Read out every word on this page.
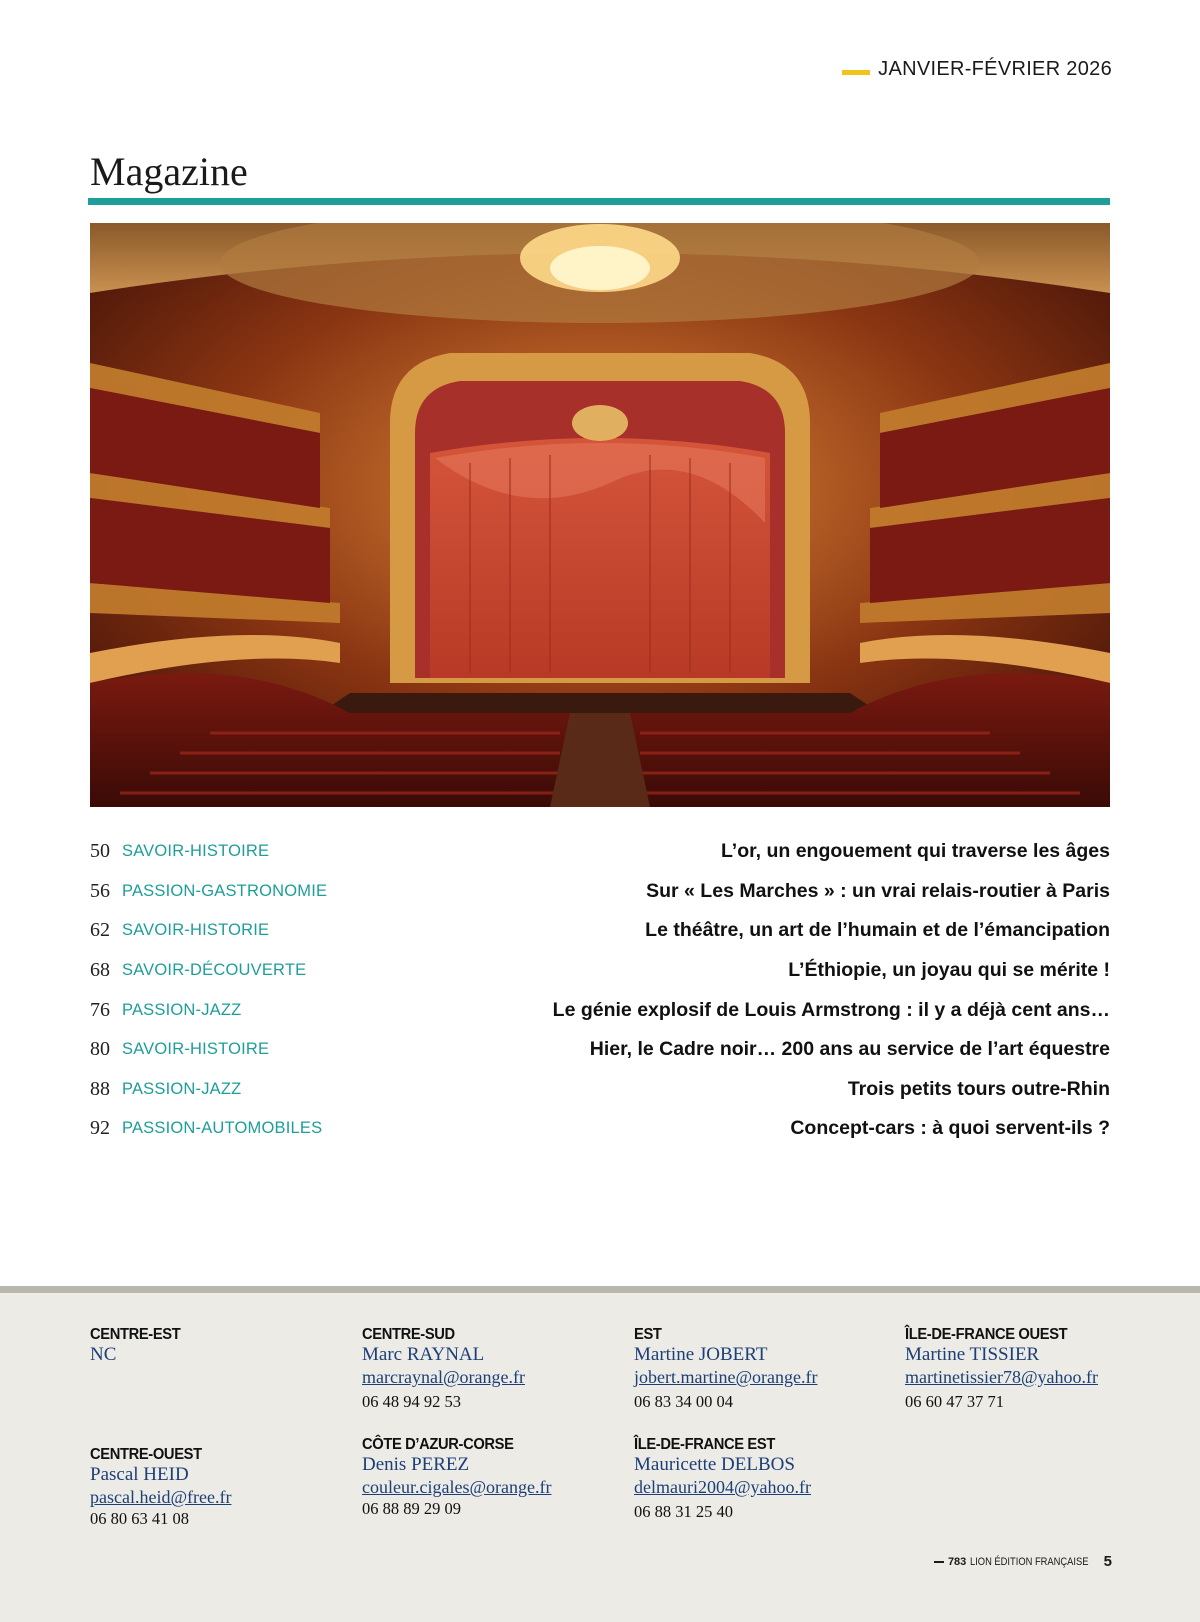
JANVIER-FÉVRIER 2026
Magazine
50 SAVOIR-HISTOIRE	L’or, un engouement qui traverse les âges
56 PASSION-GASTRONOMIE	Sur « Les Marches » : un vrai relais-routier à Paris
62 SAVOIR-HISTORIE	Le théâtre, un art de l’humain et de l’émancipation
68 SAVOIR-DÉCOUVERTE	L’Éthiopie, un joyau qui se mérite !
76 PASSION-JAZZ	Le génie explosif de Louis Armstrong : il y a déjà cent ans…
80 SAVOIR-HISTOIRE	Hier, le Cadre noir… 200 ans au service de l’art équestre
88 PASSION-JAZZ	Trois petits tours outre-Rhin
92 PASSION-AUTOMOBILES	Concept-cars : à quoi servent-ils ?
CENTRE-EST
NC
CENTRE-SUD
Marc RAYNAL
marcraynal@orange.fr
06 48 94 92 53
EST
Martine JOBERT
jobert.martine@orange.fr
06 83 34 00 04
ÎLE-DE-FRANCE OUEST
Martine TISSIER
martinetissier78@yahoo.fr
06 60 47 37 71
CENTRE-OUEST
Pascal HEID
pascal.heid@free.fr
06 80 63 41 08
CÔTE D’AZUR-CORSE
Denis PEREZ
couleur.cigales@orange.fr
06 88 89 29 09
ÎLE-DE-FRANCE EST
Mauricette DELBOS
delmauri2004@yahoo.fr
06 88 31 25 40
783 LION ÉDITION FRANÇAISE 5
